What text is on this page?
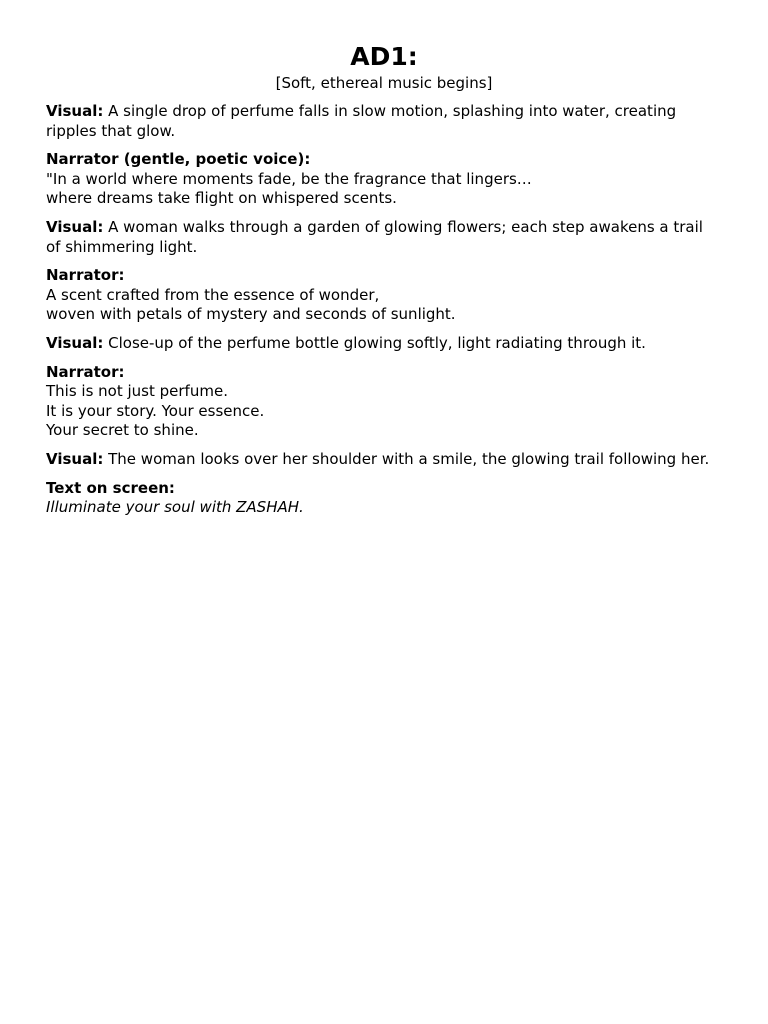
AD1:
[Soft, ethereal music begins]
Visual: A single drop of perfume falls in slow motion, splashing into water, creating ripples that glow.
Narrator (gentle, poetic voice):
"In a world where moments fade, be the fragrance that lingers…
where dreams take flight on whispered scents.
Visual: A woman walks through a garden of glowing flowers; each step awakens a trail of shimmering light.
Narrator:
A scent crafted from the essence of wonder,
woven with petals of mystery and seconds of sunlight.
Visual: Close-up of the perfume bottle glowing softly, light radiating through it.
Narrator:
This is not just perfume.
It is your story. Your essence.
Your secret to shine.
Visual: The woman looks over her shoulder with a smile, the glowing trail following her.
Text on screen:
Illuminate your soul with ZASHAH.
